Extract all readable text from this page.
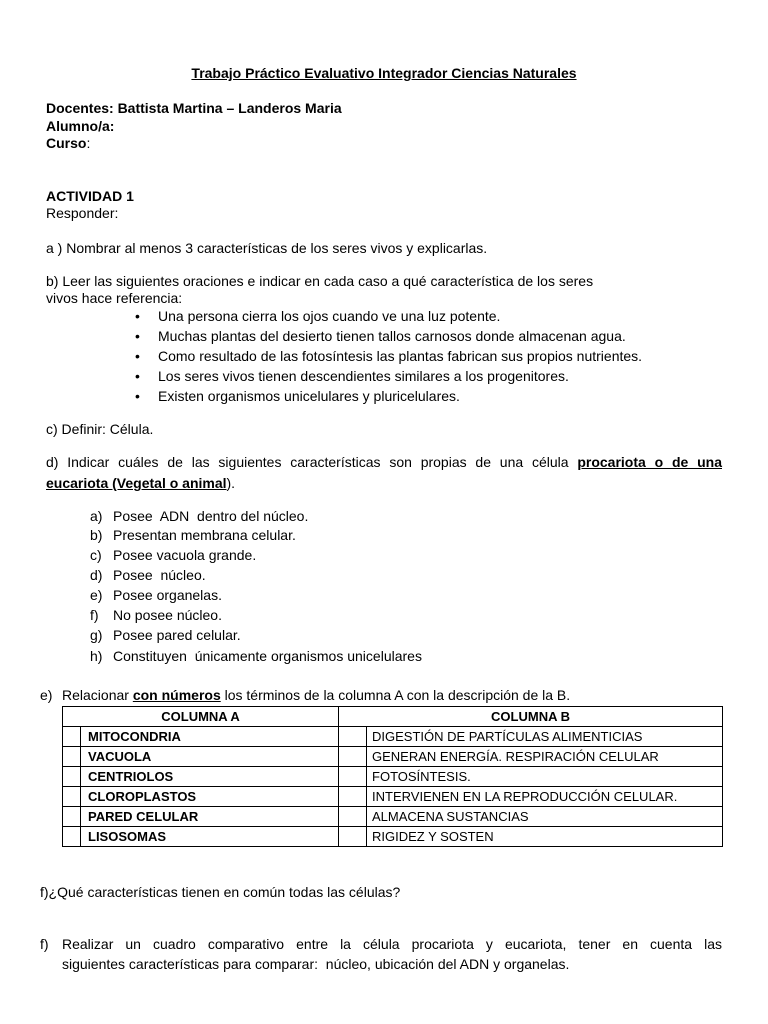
Trabajo Práctico Evaluativo Integrador Ciencias Naturales
Docentes: Battista Martina – Landeros Maria
Alumno/a:
Curso:
ACTIVIDAD 1
Responder:
a ) Nombrar al menos 3 características de los seres vivos y explicarlas.
b) Leer las siguientes oraciones e indicar en cada caso a qué característica de los seres
vivos hace referencia:
• Una persona cierra los ojos cuando ve una luz potente.
• Muchas plantas del desierto tienen tallos carnosos donde almacenan agua.
• Como resultado de las fotosíntesis las plantas fabrican sus propios nutrientes.
• Los seres vivos tienen descendientes similares a los progenitores.
• Existen organismos unicelulares y pluricelulares.
c) Definir: Célula.
d) Indicar cuáles de las siguientes características son propias de una célula procariota o de una
eucariota (Vegetal o animal).
a) Posee  ADN  dentro del núcleo.
b) Presentan membrana celular.
c) Posee vacuola grande.
d) Posee  núcleo.
e) Posee organelas.
f) No posee núcleo.
g) Posee pared celular.
h) Constituyen  únicamente organismos unicelulares
e) Relacionar con números los términos de la columna A con la descripción de la B.
COLUMNA A		COLUMNA B	
	MITOCONDRIA		DIGESTIÓN DE PARTÍCULAS ALIMENTICIAS
	VACUOLA		GENERAN ENERGÍA. RESPIRACIÓN CELULAR
	CENTRIOLOS		FOTOSÍNTESIS.
	CLOROPLASTOS		INTERVIENEN EN LA REPRODUCCIÓN CELULAR.
	PARED CELULAR		ALMACENA SUSTANCIAS
	LISOSOMAS		RIGIDEZ Y SOSTEN
f)¿Qué características tienen en común todas las células?
f) Realizar un cuadro comparativo entre la célula procariota y eucariota, tener en cuenta las
siguientes características para comparar:  núcleo, ubicación del ADN y organelas.
